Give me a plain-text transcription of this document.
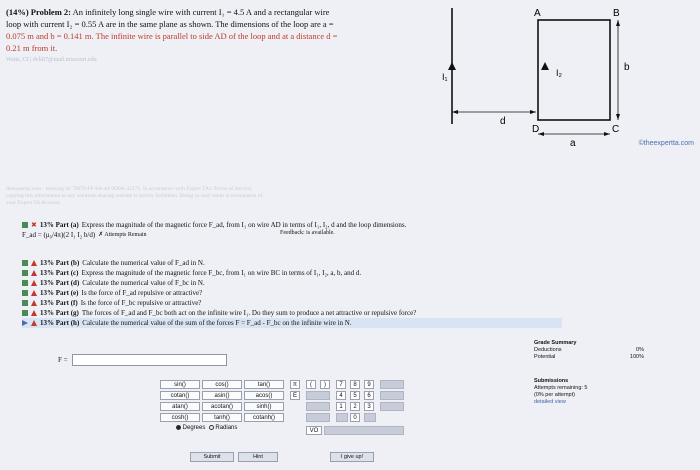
(14%) Problem 2: An infinitely long single wire with current I₁ = 4.5 A and a rectangular wire
loop with current I₂ = 0.55 A are in the same plane as shown. The dimensions of the loop are a =
0.075 m and b = 0.141 m. The infinite wire is parallel to side AD of the loop and at a distance d =
0.21 m from it.
Watts, CI | dvklt7@mail.missouri.edu
A	B
C
D
I₁	I₂
a
b
d
©theexpertta.com
theexpertta.com · tracking id: 7M79-FF-8A-44-9D0A-32171. In accordance with Expert TA's Terms of Service,
copying this information to any solutions sharing website is strictly forbidden. Doing so may result in termination of
your Expert TA Account.
✖ 13% Part (a) Express the magnitude of the magnetic force F_ad, from I₁ on wire AD in terms of I₁, I₂, d and the loop dimensions.
F_ad = (μ₀/4π)(2 I₁ I₂ b/d) ✗ Attempts Remain	Feedback: is available.
13% Part (b) Calculate the numerical value of F_ad in N.
13% Part (c) Express the magnitude of the magnetic force F_bc, from I₁ on wire BC in terms of I₁, I₂, a, b, and d.
13% Part (d) Calculate the numerical value of F_bc in N.
13% Part (e) Is the force of F_ad repulsive or attractive?
13% Part (f) Is the force of F_bc repulsive or attractive?
13% Part (g) The forces of F_ad and F_bc both act on the infinite wire I₁. Do they sum to produce a net attractive or repulsive force?
13% Part (h) Calculate the numerical value of the sum of the forces F = F_ad - F_bc on the infinite wire in N.
F =
sin()	cos()	tan()
cotan()	asin()	acos()
atan()	acotan()	sinh()
cosh()	tanh()	cotanh()
Degrees Radians
π
E
(	)	7	8	9
4	5	6
1	2	3
0
VO
Submit	Hint	I give up!
Grade Summary
Deductions	0%
Potential	100%
Submissions
Attempts remaining: 5
(0% per attempt)
detailed view
